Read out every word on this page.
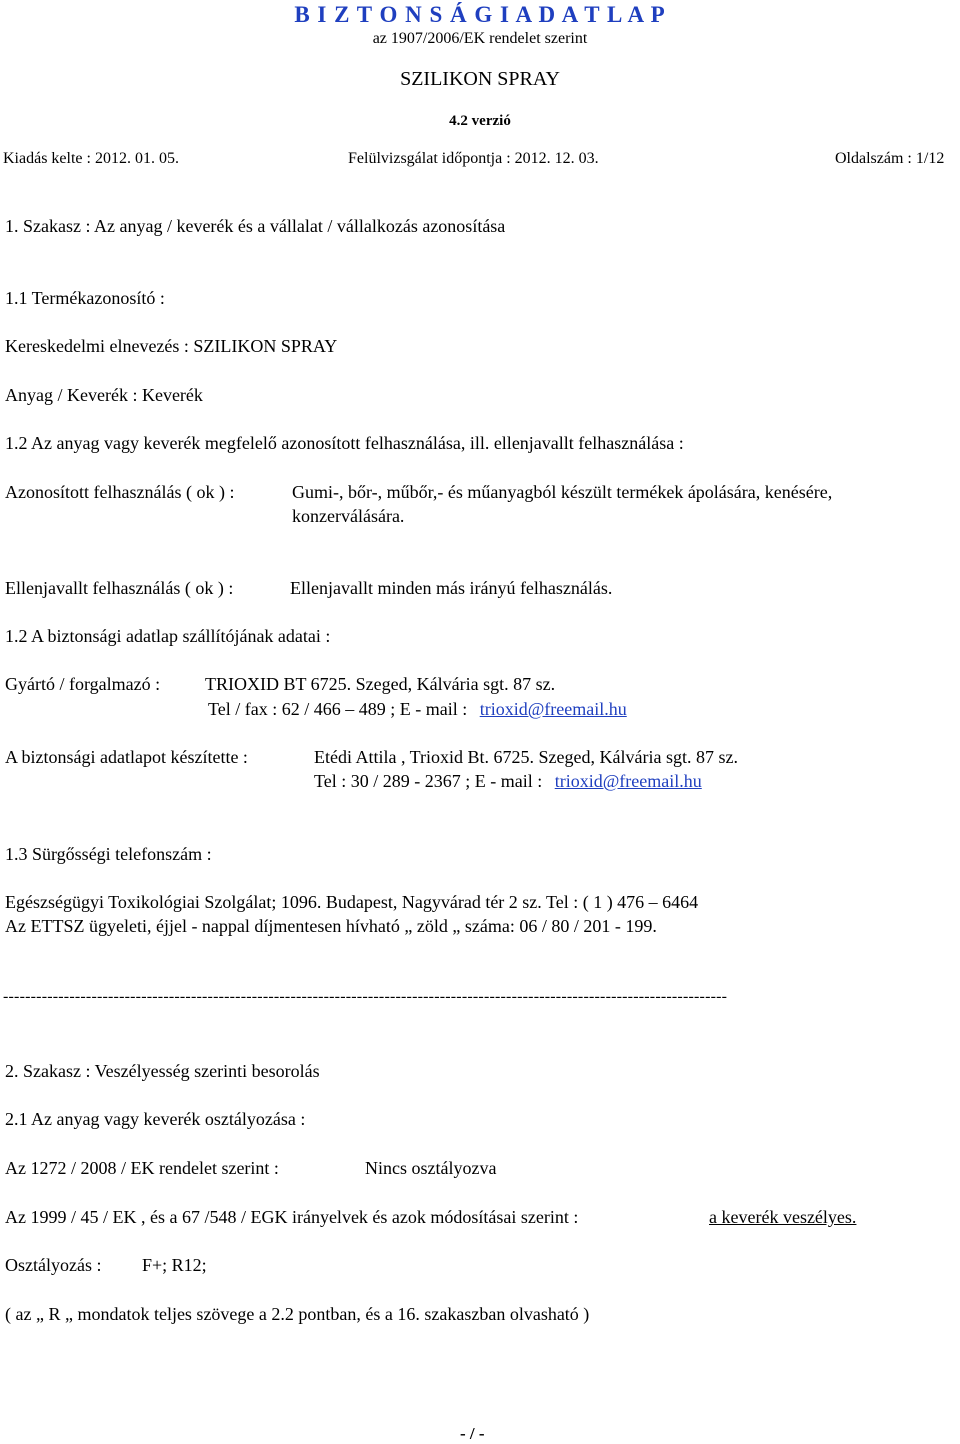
B I Z T O N S Á G I A D A T L A P
az 1907/2006/EK rendelet szerint
SZILIKON SPRAY
4.2 verzió
Kiadás kelte : 2012. 01. 05.	Felülvizsgálat időpontja : 2012. 12. 03.	Oldalszám : 1/12
1. Szakasz : Az anyag / keverék és a vállalat / vállalkozás azonosítása
1.1 Termékazonosító :
Kereskedelmi elnevezés : SZILIKON SPRAY
Anyag / Keverék : Keverék
1.2 Az anyag vagy keverék megfelelő azonosított felhasználása, ill. ellenjavallt felhasználása :
Azonosított felhasználás ( ok ) :	Gumi-, bőr-, műbőr,- és műanyagból készült termékek ápolására, kenésére,
konzerválására.
Ellenjavallt felhasználás ( ok ) :	Ellenjavallt minden más irányú felhasználás.
1.2 A biztonsági adatlap szállítójának adatai :
Gyártó / forgalmazó : TRIOXID BT 6725. Szeged, Kálvária sgt. 87 sz.
Tel / fax : 62 / 466 – 489 ; E - mail : trioxid@freemail.hu
A biztonsági adatlapot készítette :	Etédi Attila , Trioxid Bt. 6725. Szeged, Kálvária sgt. 87 sz.
Tel : 30 / 289 - 2367 ; E - mail : trioxid@freemail.hu
1.3 Sürgősségi telefonszám :
Egészségügyi Toxikológiai Szolgálat; 1096. Budapest, Nagyvárad tér 2 sz. Tel : ( 1 ) 476 – 6464
Az ETTSZ ügyeleti, éjjel - nappal díjmentesen hívható „ zöld „ száma: 06 / 80 / 201 - 199.
-----------------------------------------------------------------------------------------------------------------------------------
2. Szakasz : Veszélyesség szerinti besorolás
2.1 Az anyag vagy keverék osztályozása :
Az 1272 / 2008 / EK rendelet szerint :	Nincs osztályozva
Az 1999 / 45 / EK , és a 67 /548 / EGK irányelvek és azok módosításai szerint :	a keverék veszélyes.
Osztályozás : F+; R12;
( az „ R „ mondatok teljes szövege a 2.2 pontban, és a 16. szakaszban olvasható )
- / -
